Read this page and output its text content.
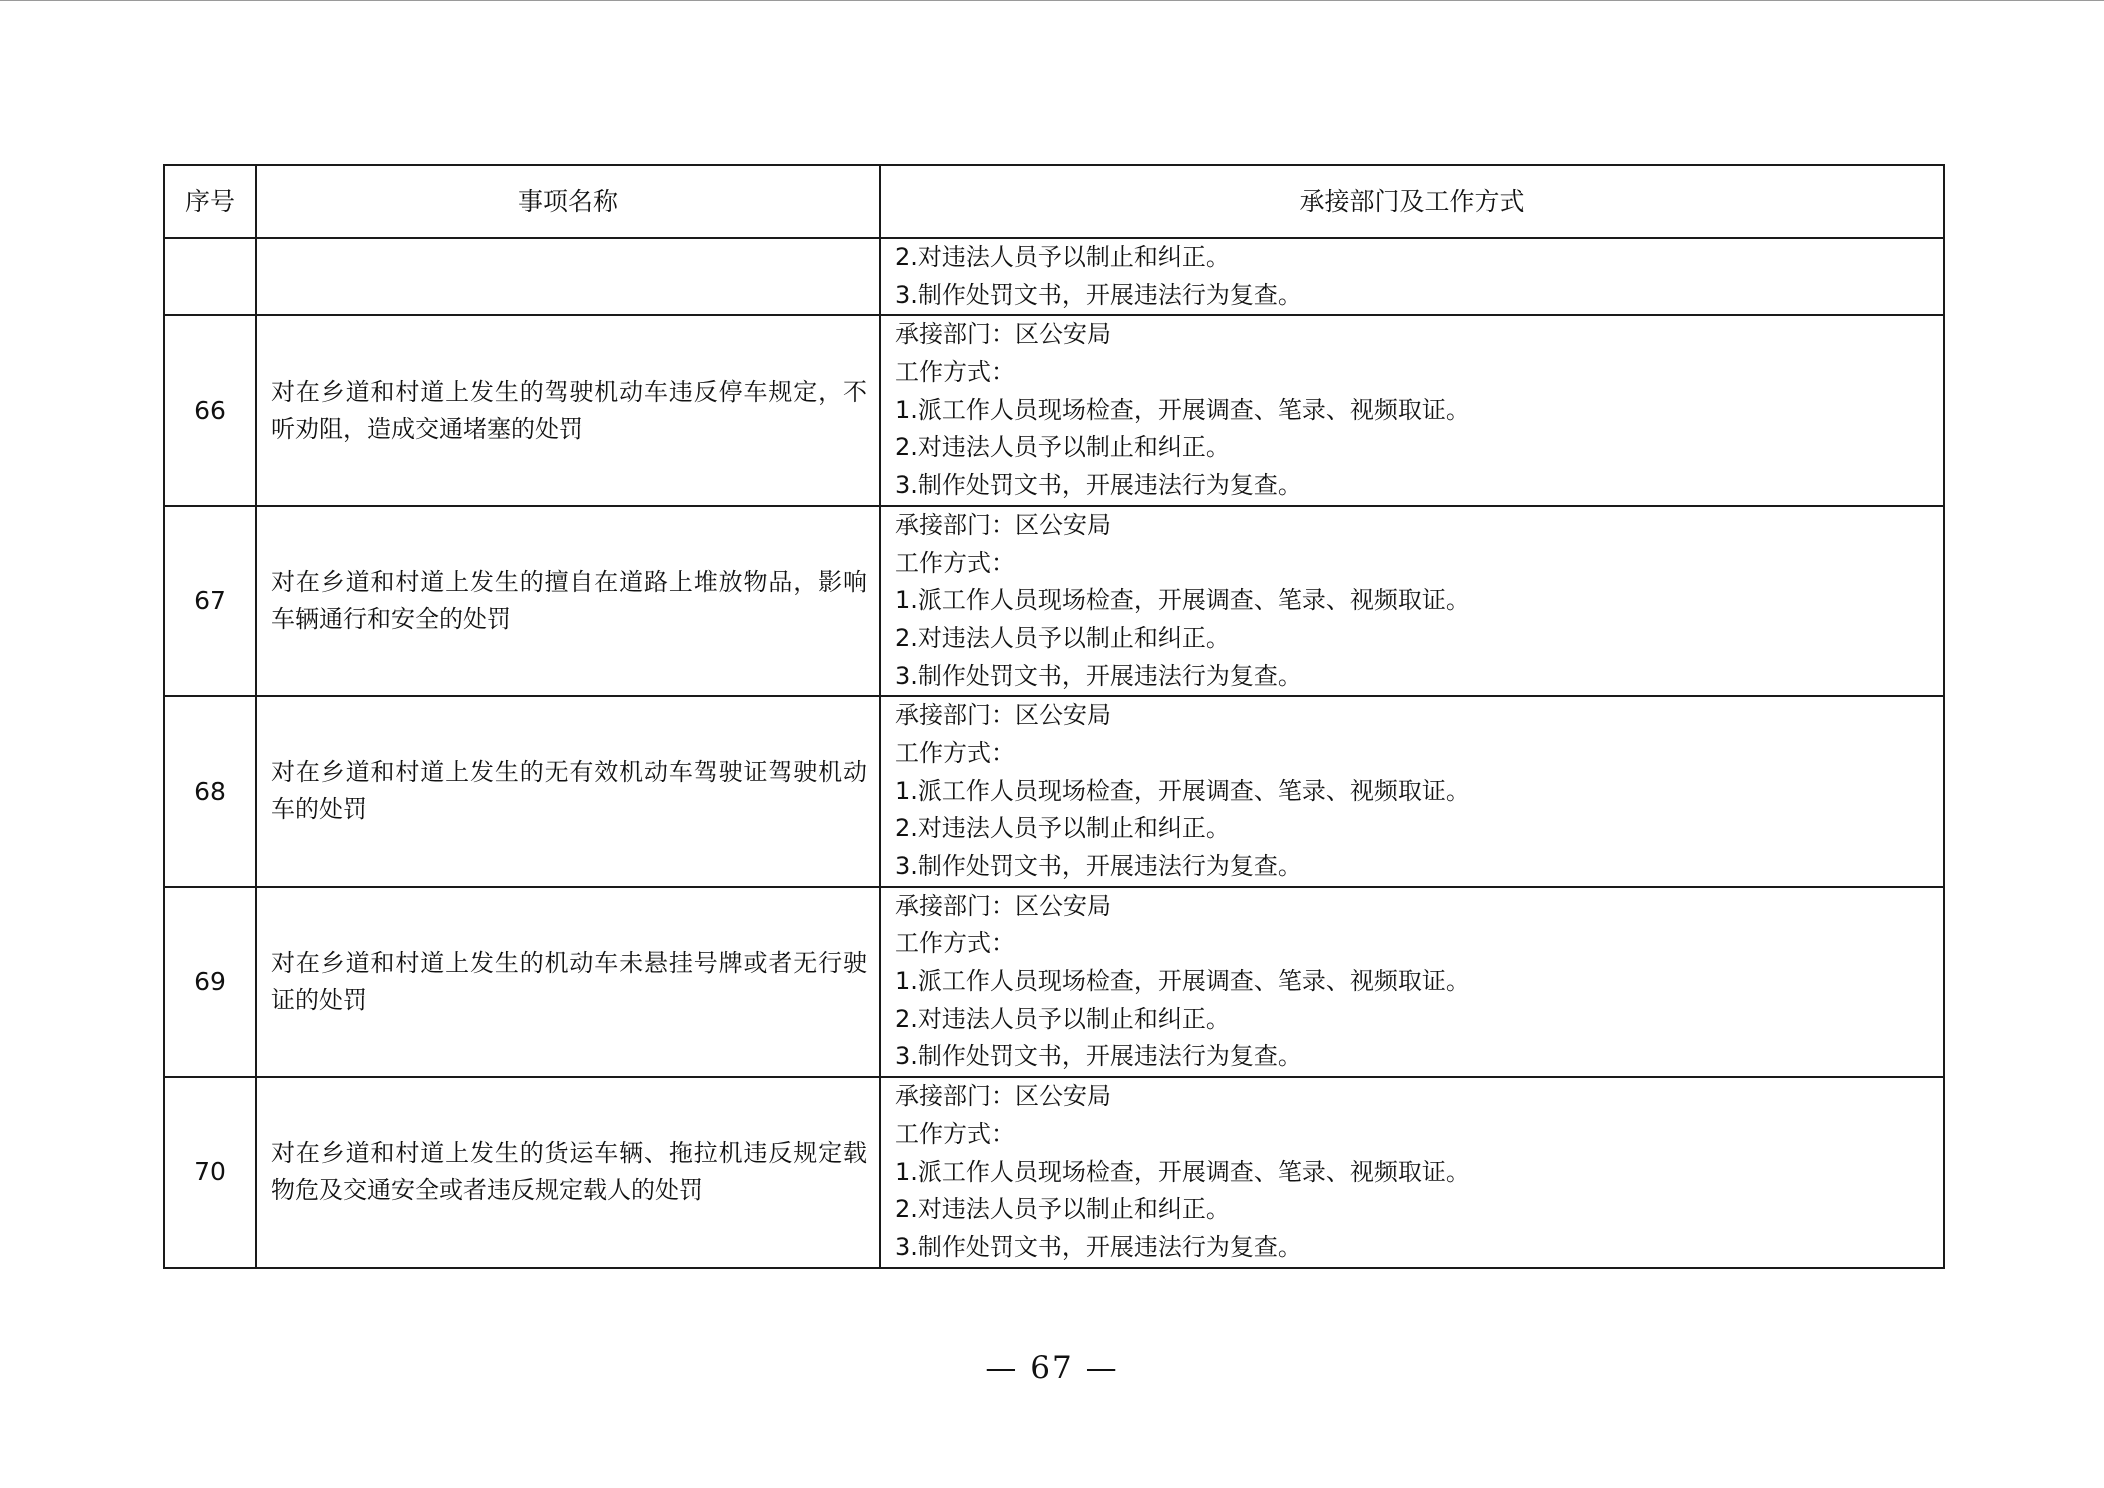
序号	事项名称	承接部门及工作方式

		2.对违法人员予以制止和纠正。
3.制作处罚文书，开展违法行为复查。

66	对在乡道和村道上发生的驾驶机动车违反停车规定，不听劝阻，造成交通堵塞的处罚	承接部门：区公安局
工作方式：
1.派工作人员现场检查，开展调查、笔录、视频取证。
2.对违法人员予以制止和纠正。
3.制作处罚文书，开展违法行为复查。

67	对在乡道和村道上发生的擅自在道路上堆放物品，影响车辆通行和安全的处罚	承接部门：区公安局
工作方式：
1.派工作人员现场检查，开展调查、笔录、视频取证。
2.对违法人员予以制止和纠正。
3.制作处罚文书，开展违法行为复查。

68	对在乡道和村道上发生的无有效机动车驾驶证驾驶机动车的处罚	承接部门：区公安局
工作方式：
1.派工作人员现场检查，开展调查、笔录、视频取证。
2.对违法人员予以制止和纠正。
3.制作处罚文书，开展违法行为复查。

69	对在乡道和村道上发生的机动车未悬挂号牌或者无行驶证的处罚	承接部门：区公安局
工作方式：
1.派工作人员现场检查，开展调查、笔录、视频取证。
2.对违法人员予以制止和纠正。
3.制作处罚文书，开展违法行为复查。

70	对在乡道和村道上发生的货运车辆、拖拉机违反规定载物危及交通安全或者违反规定载人的处罚	承接部门：区公安局
工作方式：
1.派工作人员现场检查，开展调查、笔录、视频取证。
2.对违法人员予以制止和纠正。
3.制作处罚文书，开展违法行为复查。
— 67 —
